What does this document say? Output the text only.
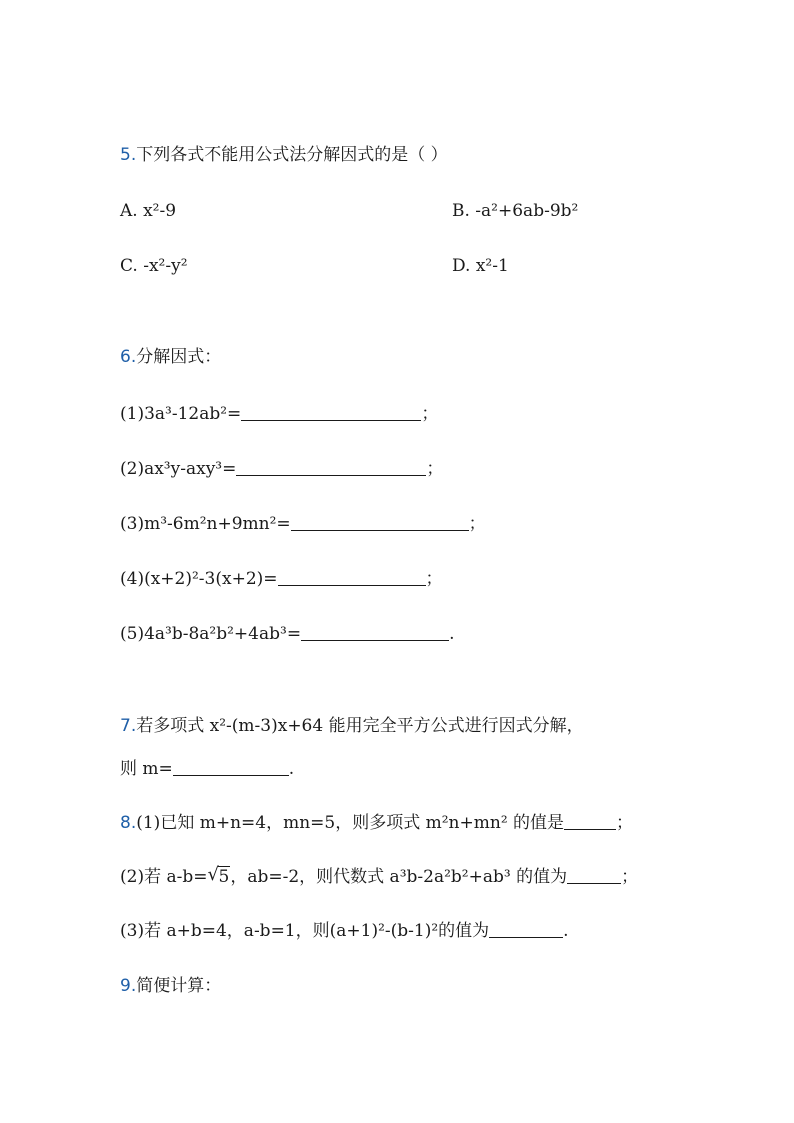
5.下列各式不能用公式法分解因式的是（ ）
A. x²-9	B. -a²+6ab-9b²
C. -x²-y²	D. x²-1
6.分解因式：
(1)3a³-12ab²=	；
(2)ax³y-axy³=	；
(3)m³-6m²n+9mn²=	；
(4)(x+2)²-3(x+2)=	；
(5)4a³b-8a²b²+4ab³=	.
7.若多项式 x²-(m-3)x+64 能用完全平方公式进行因式分解，
则 m=	.
8.(1)已知 m+n=4，mn=5，则多项式 m²n+mn² 的值是	；
(2)若 a-b= √ 5，ab=-2，则代数式 a³b-2a²b²+ab³ 的值为	；
(3)若 a+b=4，a-b=1，则(a+1)²-(b-1)²的值为	.
9.简便计算：
